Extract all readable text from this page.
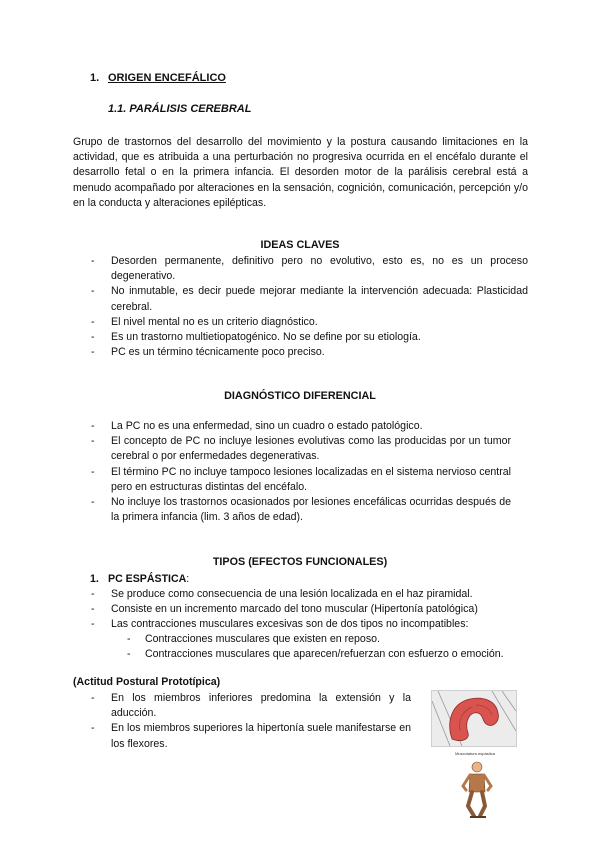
1. ORIGEN ENCEFÁLICO
1.1. PARÁLISIS CEREBRAL
Grupo de trastornos del desarrollo del movimiento y la postura causando limitaciones en la actividad, que es atribuida a una perturbación no progresiva ocurrida en el encéfalo durante el desarrollo fetal o en la primera infancia. El desorden motor de la parálisis cerebral está a menudo acompañado por alteraciones en la sensación, cognición, comunicación, percepción y/o en la conducta y alteraciones epilépticas.
IDEAS CLAVES
- Desorden permanente, definitivo pero no evolutivo, esto es, no es un proceso degenerativo.
- No inmutable, es decir puede mejorar mediante la intervención adecuada: Plasticidad cerebral.
- El nivel mental no es un criterio diagnóstico.
- Es un trastorno multietiopatogénico. No se define por su etiología.
- PC es un término técnicamente poco preciso.
DIAGNÓSTICO DIFERENCIAL
- La PC no es una enfermedad, sino un cuadro o estado patológico.
- El concepto de PC no incluye lesiones evolutivas como las producidas por un tumor cerebral o por enfermedades degenerativas.
- El término PC no incluye tampoco lesiones localizadas en el sistema nervioso central pero en estructuras distintas del encéfalo.
- No incluye los trastornos ocasionados por lesiones encefálicas ocurridas después de la primera infancia (lim. 3 años de edad).
TIPOS (EFECTOS FUNCIONALES)
1. PC ESPÁSTICA:
- Se produce como consecuencia de una lesión localizada en el haz piramidal.
- Consiste en un incremento marcado del tono muscular (Hipertonía patológica)
- Las contracciones musculares excesivas son de dos tipos no incompatibles:
- Contracciones musculares que existen en reposo.
- Contracciones musculares que aparecen/refuerzan con esfuerzo o emoción.
(Actitud Postural Prototípica)
- En los miembros inferiores predomina la extensión y la aducción.
- En los miembros superiores la hipertonía suele manifestarse en los flexores.
Musculatura espástica
